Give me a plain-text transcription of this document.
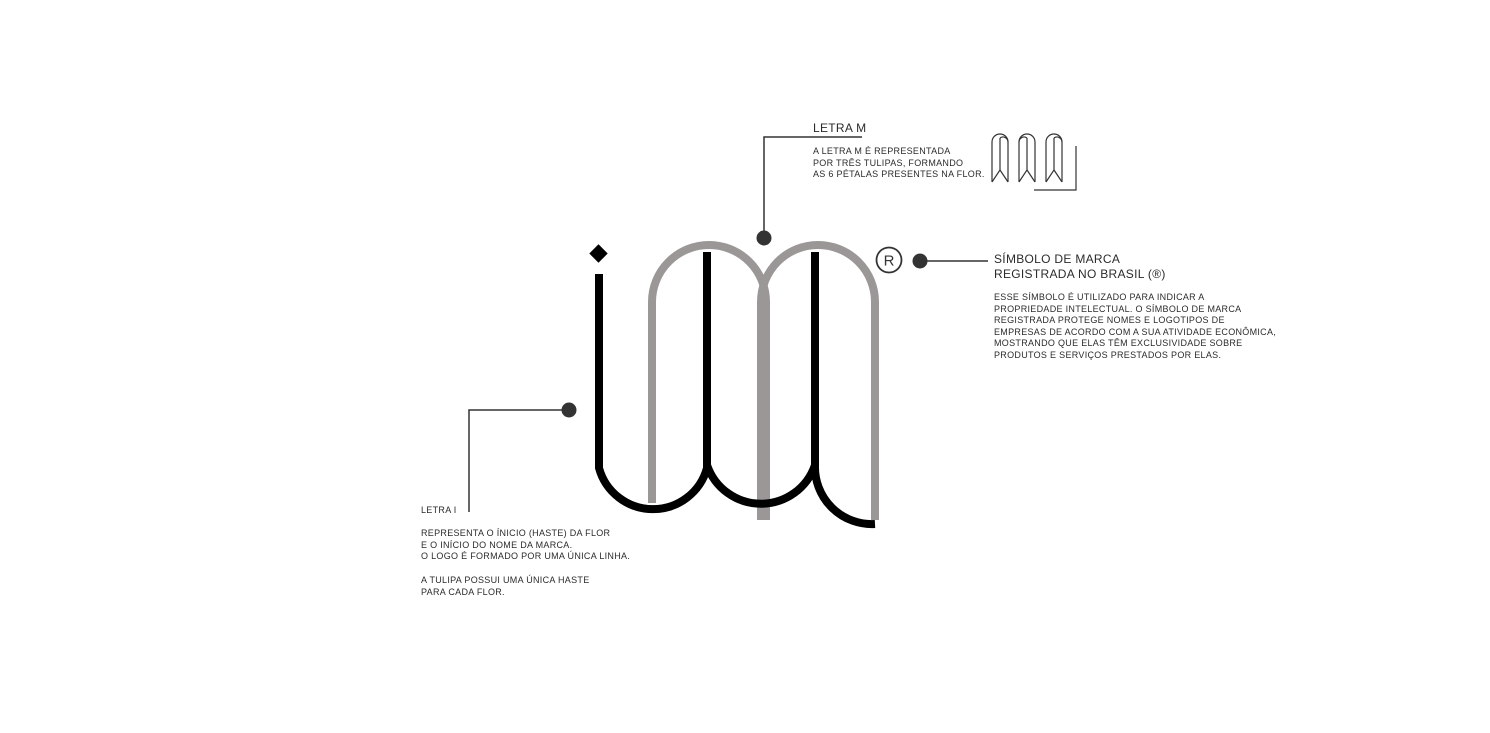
R
LETRA M
A LETRA M É REPRESENTADA
POR TRÊS TULIPAS, FORMANDO
AS 6 PÉTALAS PRESENTES NA FLOR.
SÍMBOLO DE MARCA
REGISTRADA NO BRASIL (®)
ESSE SÍMBOLO É UTILIZADO PARA INDICAR A
PROPRIEDADE INTELECTUAL. O SÍMBOLO DE MARCA
REGISTRADA PROTEGE NOMES E LOGOTIPOS DE
EMPRESAS DE ACORDO COM A SUA ATIVIDADE ECONÔMICA,
MOSTRANDO QUE ELAS TÊM EXCLUSIVIDADE SOBRE
PRODUTOS E SERVIÇOS PRESTADOS POR ELAS.
LETRA I
REPRESENTA O ÍNICIO (HASTE) DA FLOR
E O INÍCIO DO NOME DA MARCA.
O LOGO É FORMADO POR UMA ÚNICA LINHA.
A TULIPA POSSUI UMA ÚNICA HASTE
PARA CADA FLOR.
